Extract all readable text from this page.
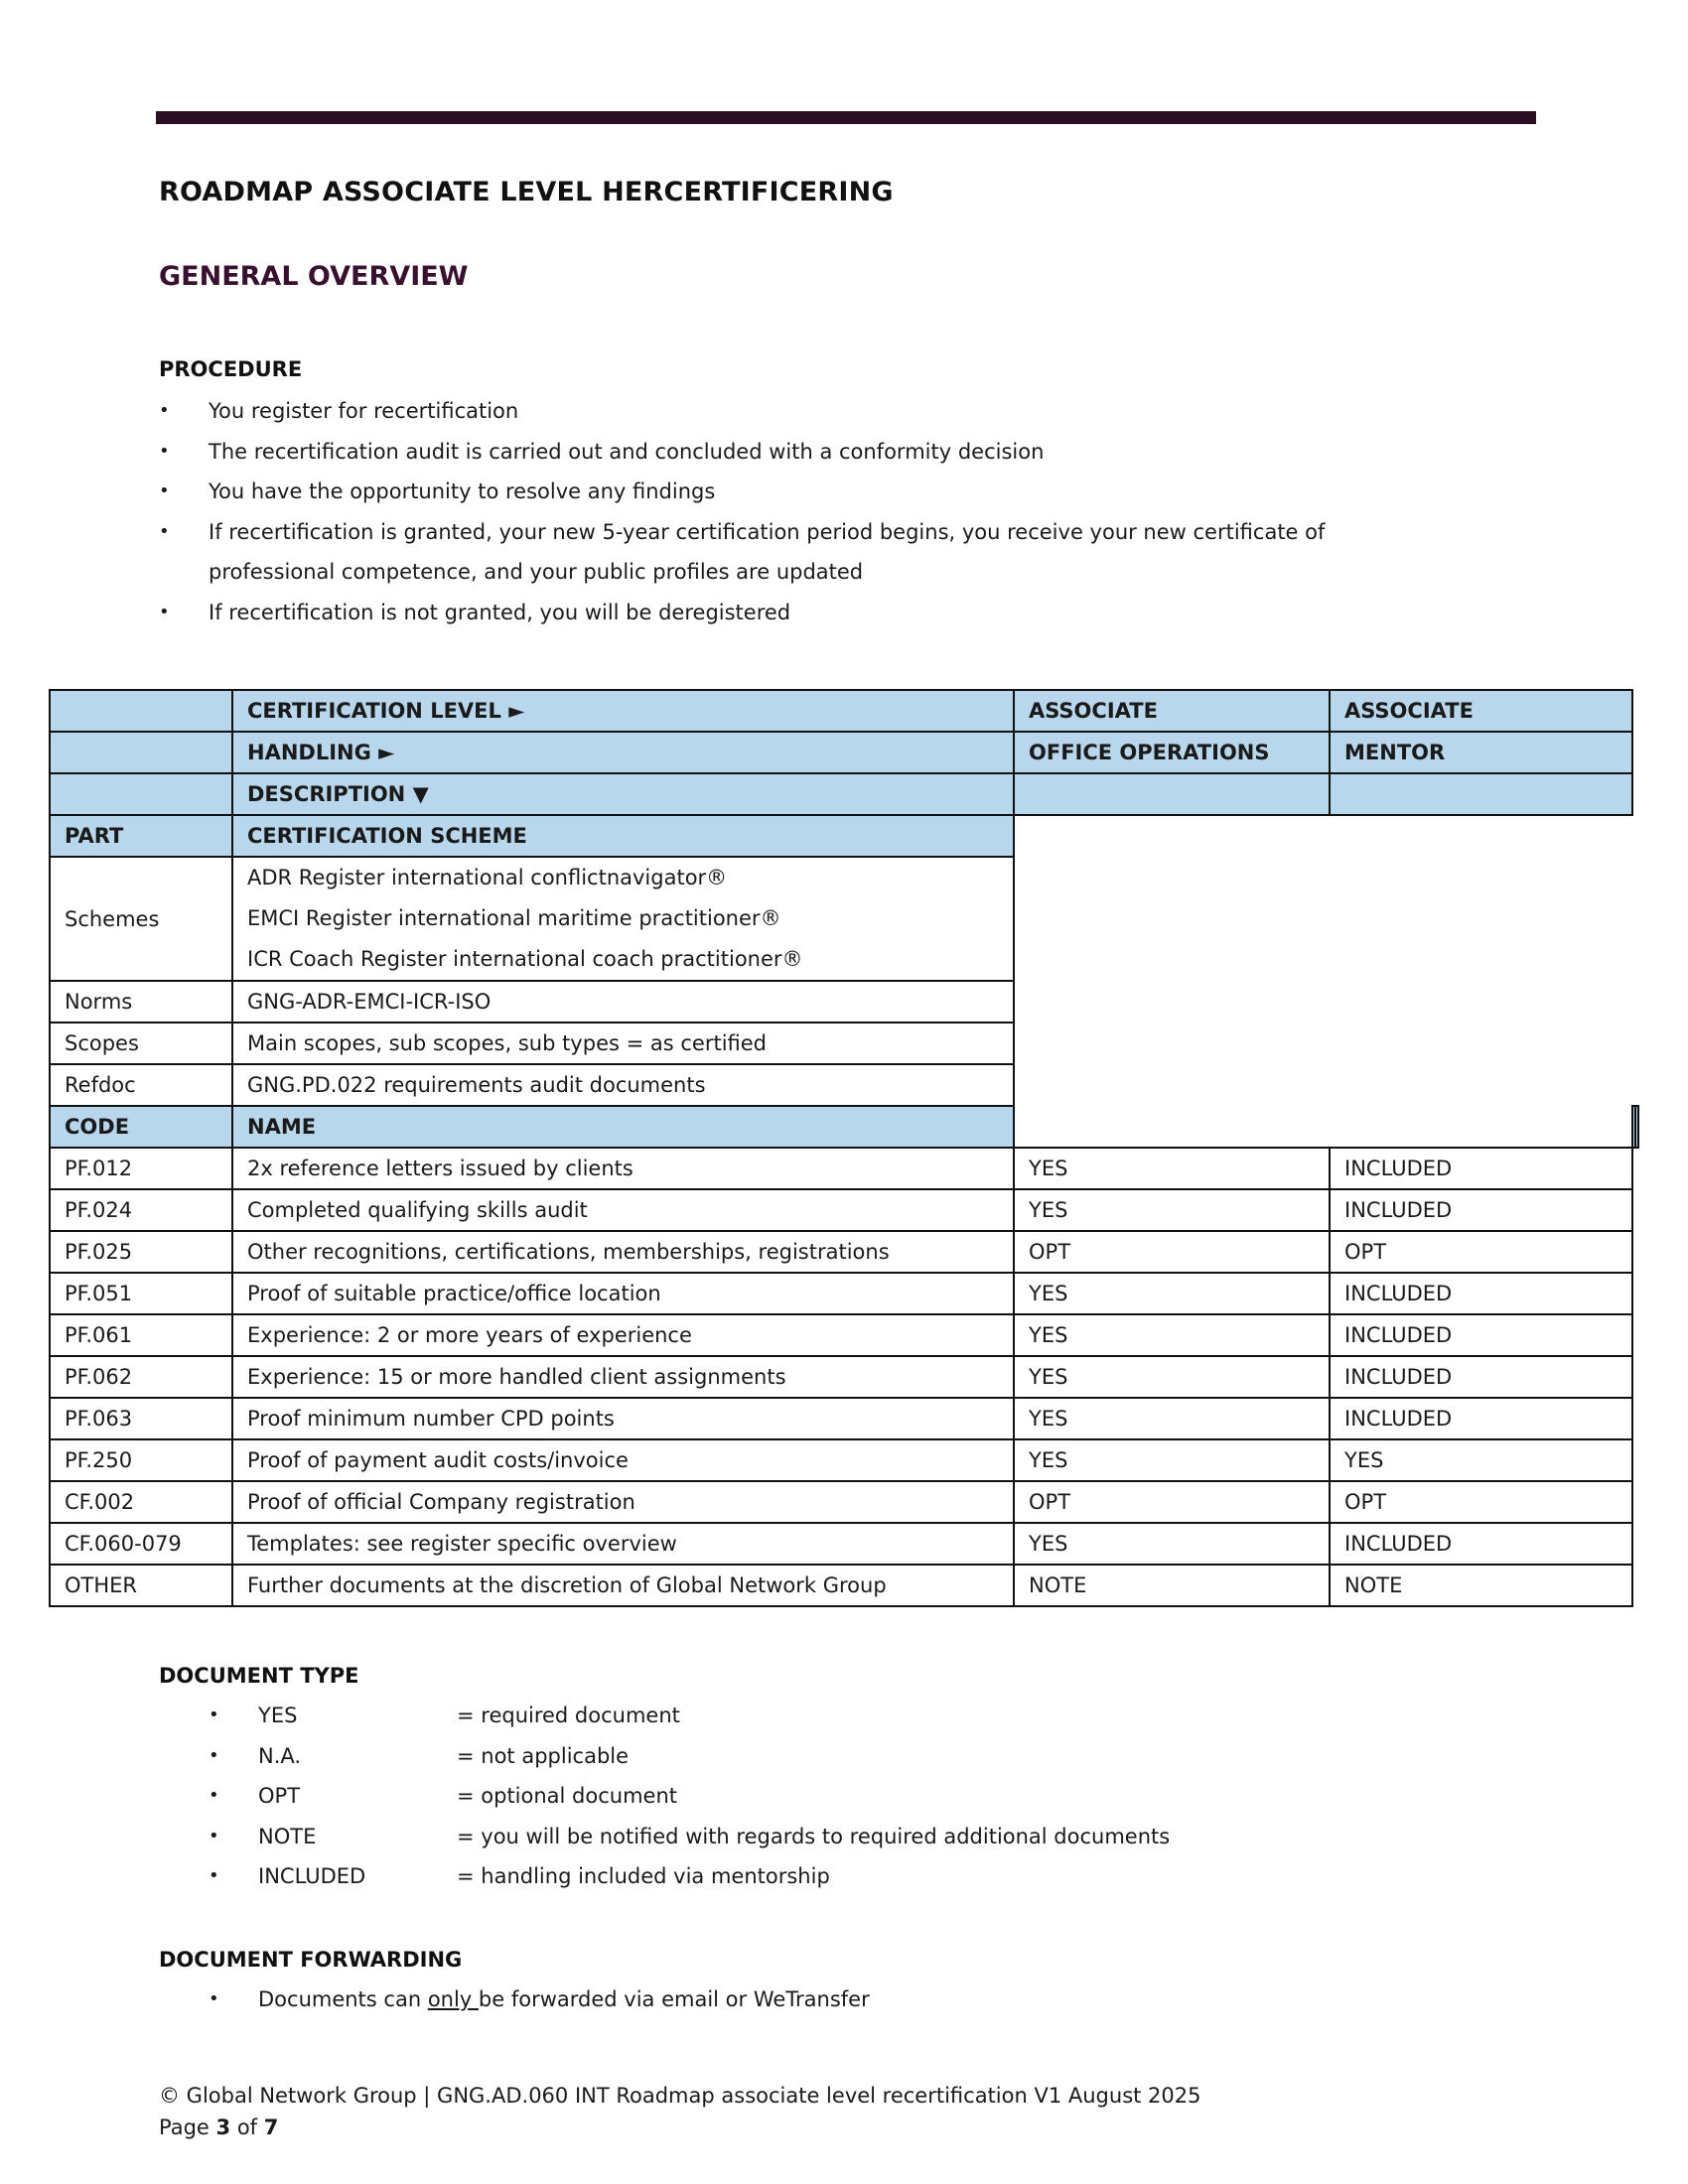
ROADMAP ASSOCIATE LEVEL HERCERTIFICERING
GENERAL OVERVIEW
PROCEDURE
• You register for recertification
• The recertification audit is carried out and concluded with a conformity decision
• You have the opportunity to resolve any findings
• If recertification is granted, your new 5-year certification period begins, you receive your new certificate of professional competence, and your public profiles are updated
• If recertification is not granted, you will be deregistered
	CERTIFICATION LEVEL ►	ASSOCIATE	ASSOCIATE		
	HANDLING ►	OFFICE OPERATIONS	MENTOR		
	DESCRIPTION ▼				
PART	CERTIFICATION SCHEME				
Schemes	ADR Register international conflictnavigator®
EMCI Register international maritime practitioner®
ICR Coach Register international coach practitioner®				

Norms	GNG-ADR-EMCI-ICR-ISO				
Scopes	Main scopes, sub scopes, sub types = as certified				
Refdoc	GNG.PD.022 requirements audit documents				
CODE	NAME				
PF.012	2x reference letters issued by clients	YES	INCLUDED		
PF.024	Completed qualifying skills audit	YES	INCLUDED		
PF.025	Other recognitions, certifications, memberships, registrations	OPT	OPT		
PF.051	Proof of suitable practice/office location	YES	INCLUDED		
PF.061	Experience: 2 or more years of experience	YES	INCLUDED		
PF.062	Experience: 15 or more handled client assignments	YES	INCLUDED		
PF.063	Proof minimum number CPD points	YES	INCLUDED		
PF.250	Proof of payment audit costs/invoice	YES	YES		
CF.002	Proof of official Company registration	OPT	OPT		
CF.060-079	Templates: see register specific overview	YES	INCLUDED		
OTHER	Further documents at the discretion of Global Network Group	NOTE	NOTE		
DOCUMENT TYPE
• YES	= required document
• N.A.	= not applicable
• OPT	= optional document
• NOTE	= you will be notified with regards to required additional documents
• INCLUDED	= handling included via mentorship
DOCUMENT FORWARDING
• Documents can only be forwarded via email or WeTransfer
© Global Network Group | GNG.AD.060 INT Roadmap associate level recertification V1 August 2025
Page 3 of 7
